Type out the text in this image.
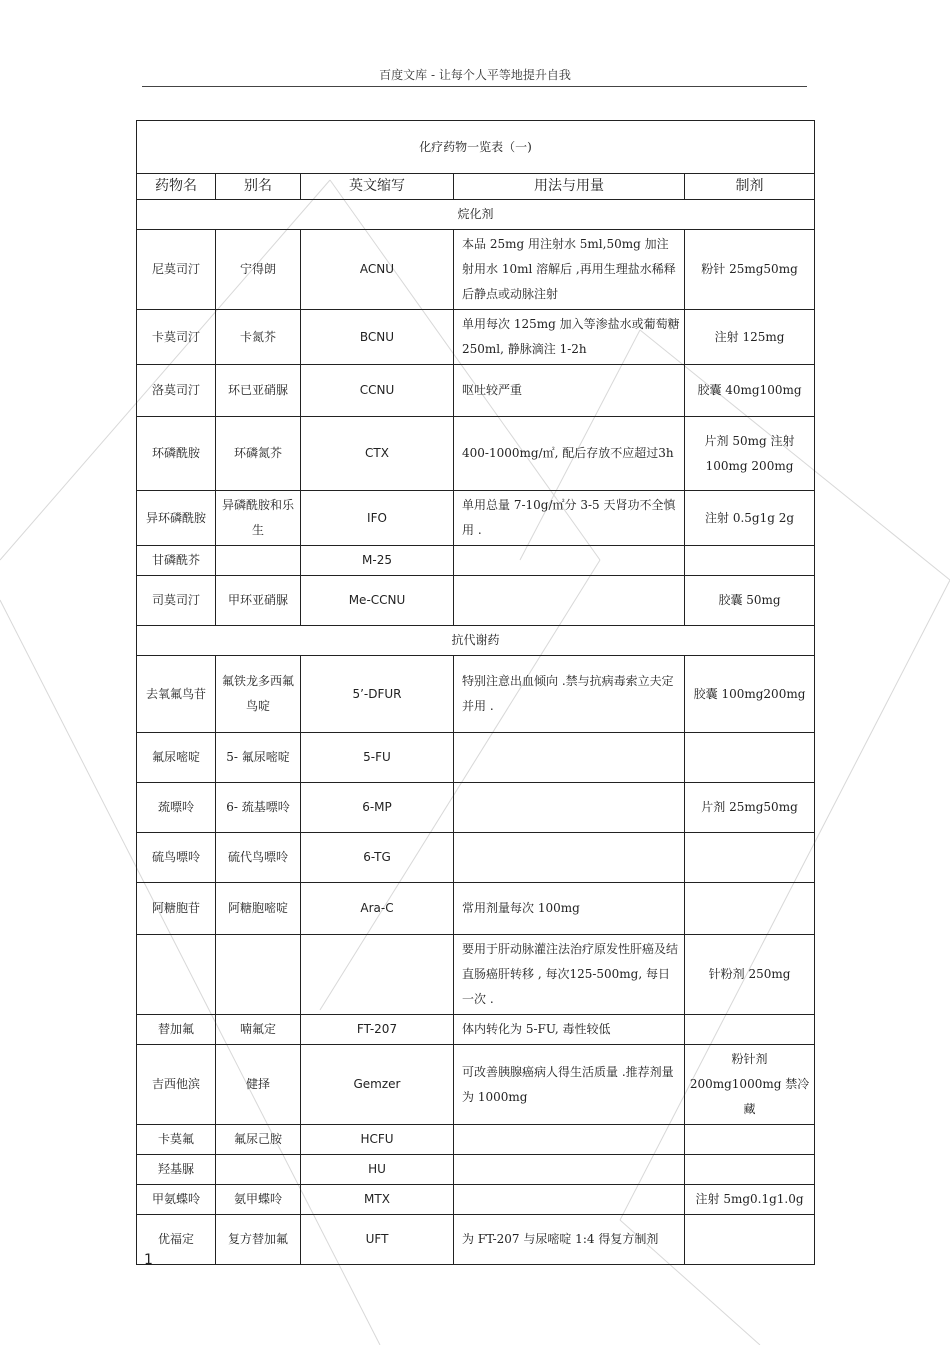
百度文库 - 让每个人平等地提升自我
化疗药物一览表（一)				
药物名	别名	英文缩写	用法与用量	制剂
烷化剂				
尼莫司汀	宁得朗	ACNU	本品 25mg 用注射水 5ml,50mg 加注射用水 10ml 溶解后 ,再用生理盐水稀释后静点或动脉注射	粉针 25mg50mg
卡莫司汀	卡氮芥	BCNU	单用每次 125mg 加入等渗盐水或葡萄糖 250ml, 静脉滴注 1-2h	注射 125mg
洛莫司汀	环已亚硝脲	CCNU	呕吐较严重	胶囊 40mg100mg
环磷酰胺	环磷氮芥	CTX	400-1000mg/㎡, 配后存放不应超过3h	片剂 50mg 注射 100mg 200mg
异环磷酰胺	异磷酰胺和乐生	IFO	单用总量 7-10g/㎡分 3-5 天肾功不全慎用 .	注射 0.5g1g 2g
甘磷酰芥		M-25		
司莫司汀	甲环亚硝脲	Me-CCNU		胶囊 50mg
抗代谢药				
去氧氟鸟苷	氟铁龙多西氟鸟啶	5’-DFUR	特别注意出血倾向 .禁与抗病毒索立夫定并用 .	胶囊 100mg200mg
氟尿嘧啶	5- 氟尿嘧啶	5-FU		
巯嘌呤	6- 巯基嘌呤	6-MP		片剂 25mg50mg
硫鸟嘌呤	硫代鸟嘌呤	6-TG		
阿糖胞苷	阿糖胞嘧啶	Ara-C	常用剂量每次 100mg	
			要用于肝动脉灌注法治疗原发性肝癌及结直肠癌肝转移 , 每次125-500mg, 每日一次 .	针粉剂 250mg
替加氟	喃氟定	FT-207	体内转化为 5-FU, 毒性较低	
吉西他滨	健择	Gemzer	可改善胰腺癌病人得生活质量 .推荐剂量为 1000mg	粉针剂 200mg1000mg 禁冷藏
卡莫氟	氟尿己胺	HCFU		
羟基脲		HU		
甲氨蝶呤	氨甲蝶呤	MTX		注射 5mg0.1g1.0g
优福定	复方替加氟	UFT	为 FT-207 与尿嘧啶 1:4 得复方制剂	
1
